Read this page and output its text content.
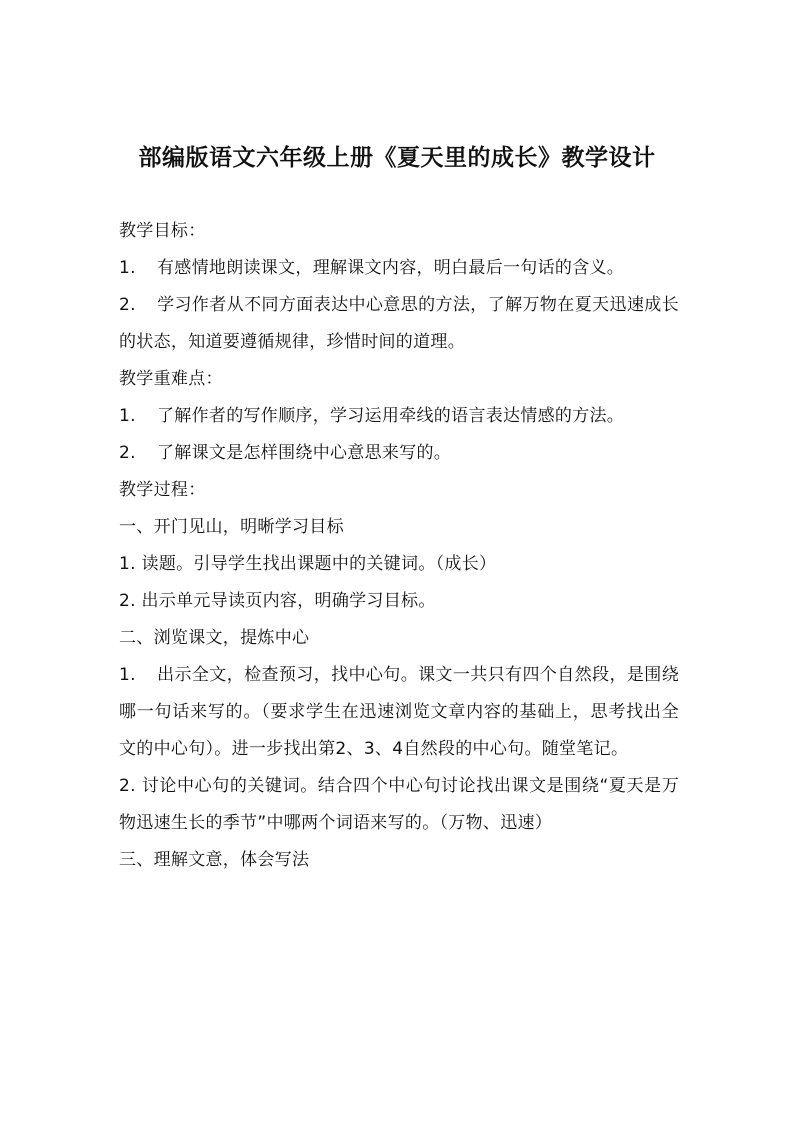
部编版语文六年级上册《夏天里的成长》教学设计
教学目标：
1. 有感情地朗读课文，理解课文内容，明白最后一句话的含义。
2. 学习作者从不同方面表达中心意思的方法，了解万物在夏天迅速成长的状态，知道要遵循规律，珍惜时间的道理。
教学重难点：
1. 了解作者的写作顺序，学习运用牵线的语言表达情感的方法。
2. 了解课文是怎样围绕中心意思来写的。
教学过程：
一、开门见山，明晰学习目标
1. 读题。引导学生找出课题中的关键词。（成长）
2. 出示单元导读页内容，明确学习目标。
二、浏览课文，提炼中心
1. 出示全文，检查预习，找中心句。课文一共只有四个自然段，是围绕哪一句话来写的。（要求学生在迅速浏览文章内容的基础上，思考找出全文的中心句）。进一步找出第2、3、4自然段的中心句。随堂笔记。
2. 讨论中心句的关键词。结合四个中心句讨论找出课文是围绕“夏天是万物迅速生长的季节”中哪两个词语来写的。（万物、迅速）
三、理解文意，体会写法
